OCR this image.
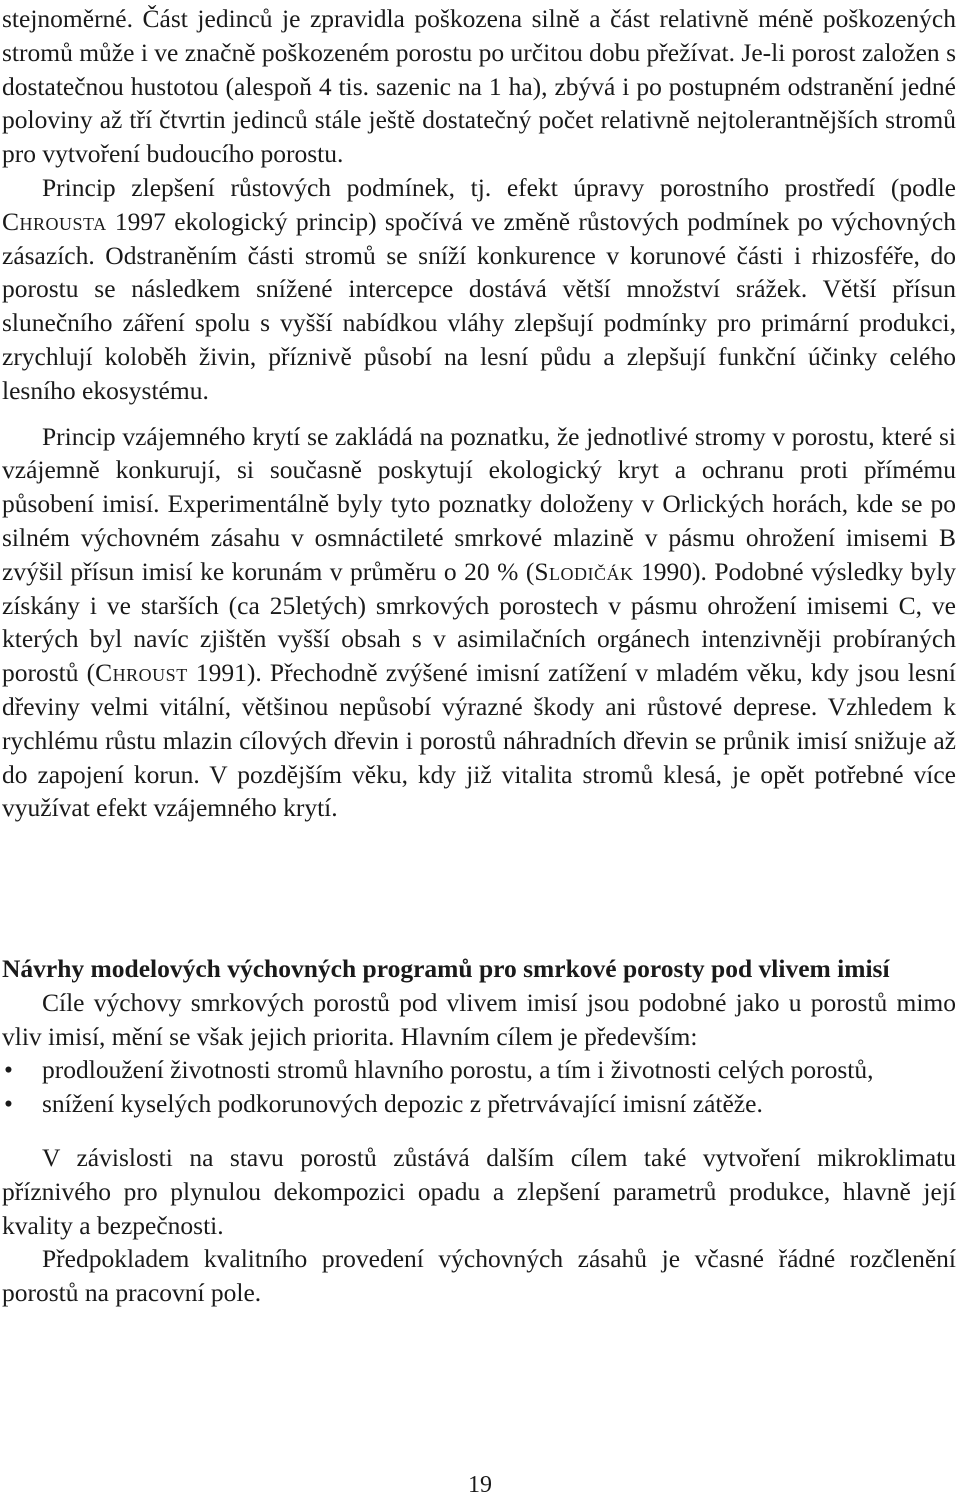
stejnoměrné. Část jedinců je zpravidla poškozena silně a část relativně méně poškozených stromů může i ve značně poškozeném porostu po určitou dobu přežívat. Je-li porost založen s dostatečnou hustotou (alespoň 4 tis. sazenic na 1 ha), zbývá i po postupném odstranění jedné poloviny až tří čtvrtin jedinců stále ještě dostatečný počet relativně nejtolerantnějších stromů pro vytvoření budoucího porostu.

Princip zlepšení růstových podmínek, tj. efekt úpravy porostního prostředí (podle Chrousta 1997 ekologický princip) spočívá ve změně růstových podmínek po výchovných zásazích. Odstraněním části stromů se sníží konkurence v korunové části i rhizosféře, do porostu se následkem snížené intercepce dostává větší množství srážek. Větší přísun slunečního záření spolu s vyšší nabídkou vláhy zlepšují podmínky pro primární produkci, zrychlují koloběh živin, příznivě působí na lesní půdu a zlepšují funkční účinky celého lesního ekosystému.

Princip vzájemného krytí se zakládá na poznatku, že jednotlivé stromy v porostu, které si vzájemně konkurují, si současně poskytují ekologický kryt a ochranu proti přímému působení imisí. Experimentálně byly tyto poznatky doloženy v Orlických horách, kde se po silném výchovném zásahu v osmnáctileté smrkové mlazině v pásmu ohrožení imisemi B zvýšil přísun imisí ke korunám v průměru o 20 % (Slodičák 1990). Podobné výsledky byly získány i ve starších (ca 25letých) smrkových porostech v pásmu ohrožení imisemi C, ve kterých byl navíc zjištěn vyšší obsah s v asimilačních orgánech intenzivněji probíraných porostů (Chroust 1991). Přechodně zvýšené imisní zatížení v mladém věku, kdy jsou lesní dřeviny velmi vitální, většinou nepůsobí výrazné škody ani růstové deprese. Vzhledem k rychlému růstu mlazin cílových dřevin i porostů náhradních dřevin se průnik imisí snižuje až do zapojení korun. V pozdějším věku, kdy již vitalita stromů klesá, je opět potřebné více využívat efekt vzájemného krytí.

Návrhy modelových výchovných programů pro smrkové porosty pod vlivem imisí

Cíle výchovy smrkových porostů pod vlivem imisí jsou podobné jako u porostů mimo vliv imisí, mění se však jejich priorita. Hlavním cílem je především:

• prodloužení životnosti stromů hlavního porostu, a tím i životnosti celých porostů,
• snížení kyselých podkorunových depozic z přetrvávající imisní zátěže.

V závislosti na stavu porostů zůstává dalším cílem také vytvoření mikroklimatu příznivého pro plynulou dekompozici opadu a zlepšení parametrů produkce, hlavně její kvality a bezpečnosti.

Předpokladem kvalitního provedení výchovných zásahů je včasné řádné rozčlenění porostů na pracovní pole.

19
